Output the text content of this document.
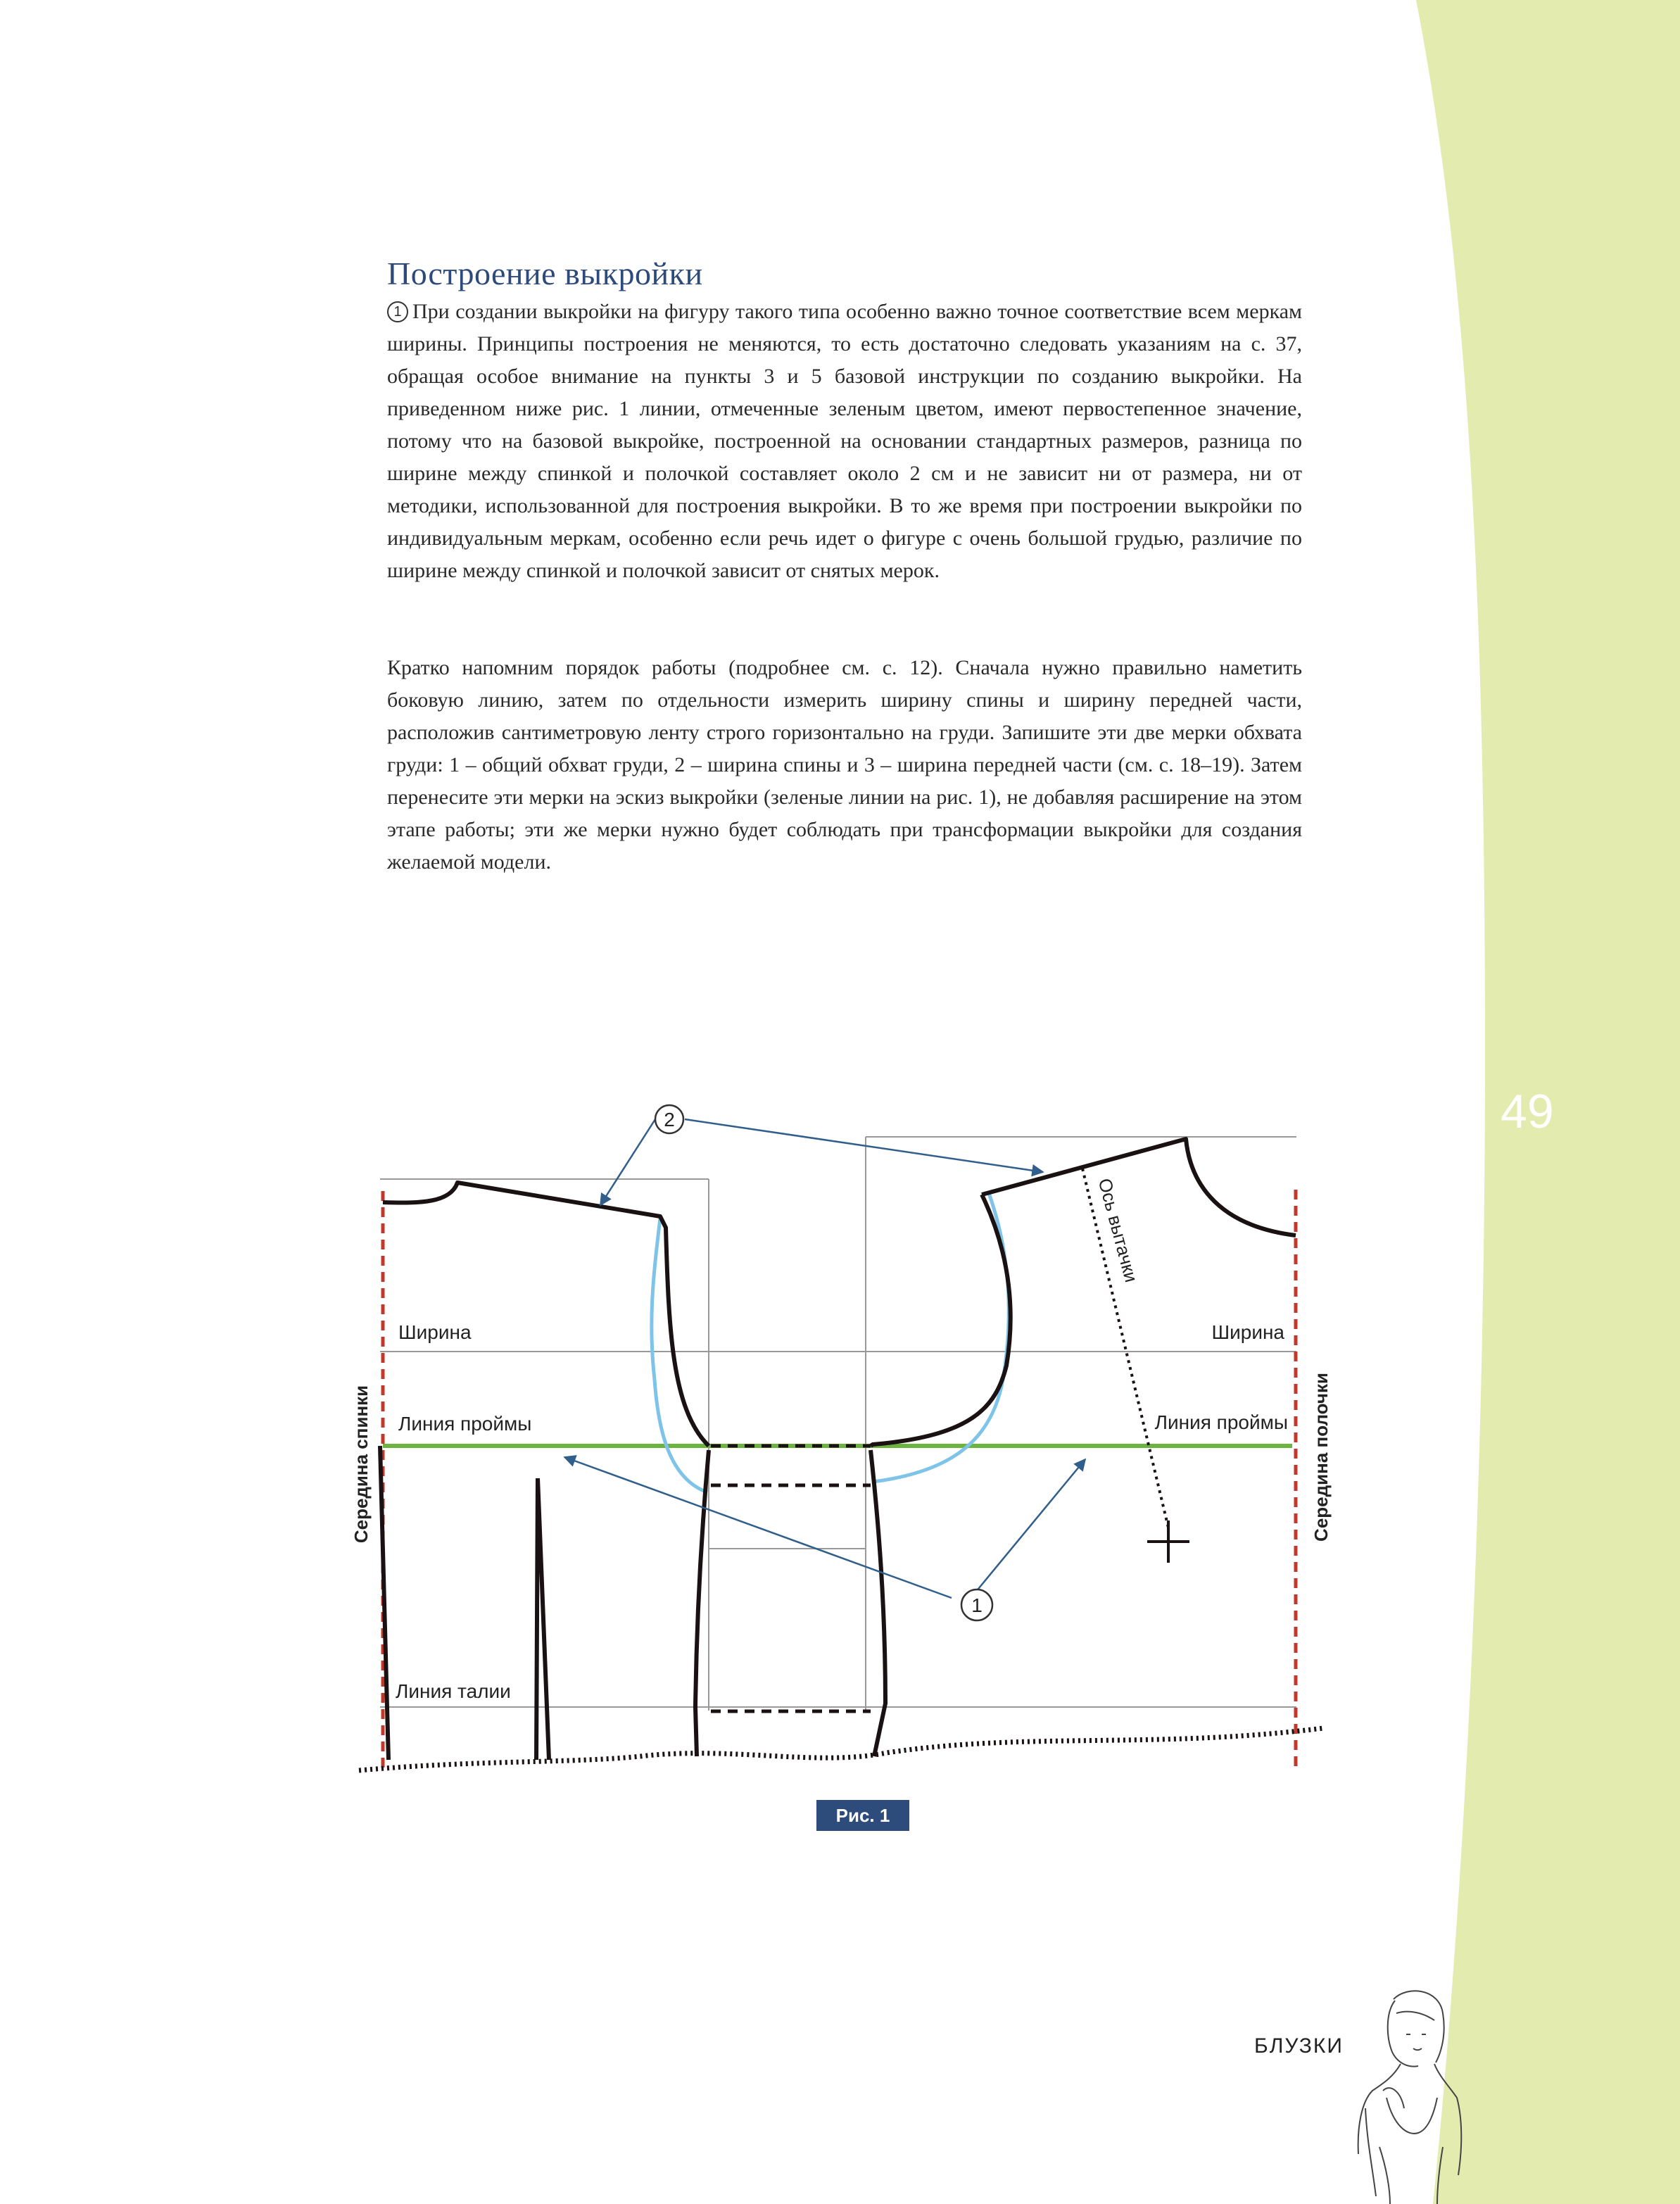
Построение выкройки

1 При создании выкройки на фигуру такого типа особенно важно точное соответствие всем меркам ширины. Принципы построения не меняются, то есть достаточно следовать указаниям на с. 37, обращая особое внимание на пункты 3 и 5 базовой инструкции по созданию выкройки. На приведенном ниже рис. 1 линии, отмеченные зеленым цветом, имеют первостепенное значение, потому что на базовой выкройке, построенной на основании стандартных размеров, разница по ширине между спинкой и полочкой составляет около 2 см и не зависит ни от размера, ни от методики, использованной для построения выкройки. В то же время при построении выкройки по индивидуальным меркам, особенно если речь идет о фигуре с очень большой грудью, различие по ширине между спинкой и полочкой зависит от снятых мерок.

Кратко напомним порядок работы (подробнее см. с. 12). Сначала нужно правильно наметить боковую линию, затем по отдельности измерить ширину спины и ширину передней части, расположив сантиметровую ленту строго горизонтально на груди. Запишите эти две мерки обхвата груди: 1 – общий обхват груди, 2 – ширина спины и 3 – ширина передней части (см. с. 18–19). Затем перенесите эти мерки на эскиз выкройки (зеленые линии на рис. 1), не добавляя расширение на этом этапе работы; эти же мерки нужно будет соблюдать при трансформации выкройки для создания желаемой модели.

49
2
1
Ширина	Ширина
Линия проймы	Линия проймы
Линия талии
Середина спинки	Середина полочки
Ось вытачки
Рис. 1
БЛУЗКИ
